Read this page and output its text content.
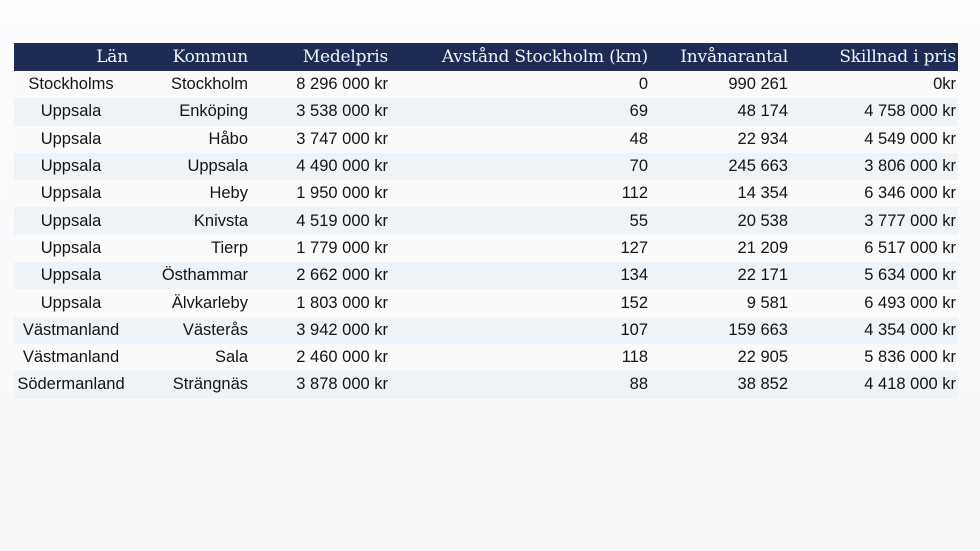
Län	Kommun	Medelpris	Avstånd Stockholm (km)	Invånarantal	Skillnad i pris
Stockholms	Stockholm	8 296 000 kr	0	990 261	0kr
Uppsala	Enköping	3 538 000 kr	69	48 174	4 758 000 kr
Uppsala	Håbo	3 747 000 kr	48	22 934	4 549 000 kr
Uppsala	Uppsala	4 490 000 kr	70	245 663	3 806 000 kr
Uppsala	Heby	1 950 000 kr	112	14 354	6 346 000 kr
Uppsala	Knivsta	4 519 000 kr	55	20 538	3 777 000 kr
Uppsala	Tierp	1 779 000 kr	127	21 209	6 517 000 kr
Uppsala	Östhammar	2 662 000 kr	134	22 171	5 634 000 kr
Uppsala	Älvkarleby	1 803 000 kr	152	9 581	6 493 000 kr
Västmanland	Västerås	3 942 000 kr	107	159 663	4 354 000 kr
Västmanland	Sala	2 460 000 kr	118	22 905	5 836 000 kr
Södermanland	Strängnäs	3 878 000 kr	88	38 852	4 418 000 kr
